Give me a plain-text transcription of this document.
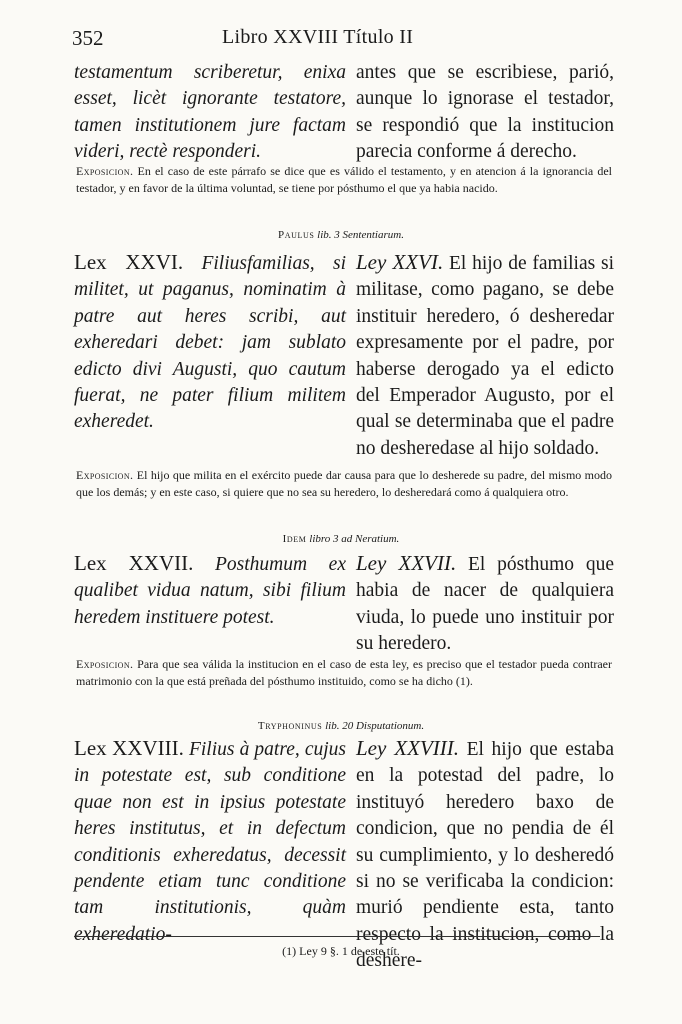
352	Libro XXVIII Título II

testamentum scriberetur, enixa esset, licèt ignorante testatore, tamen institutionem jure factam videri, rectè responderi.

antes que se escribiese, parió, aunque lo ignorase el testador, se respondió que la institucion parecia conforme á derecho.

Exposicion. En el caso de este párrafo se dice que es válido el testamento, y en atencion á la ignorancia del testador, y en favor de la última voluntad, se tiene por pósthumo el que ya habia nacido.
Paulus lib. 3 Sententiarum.

Lex XXVI. Filiusfamilias, si militet, ut paganus, nominatim à patre aut heres scribi, aut exheredari debet: jam sublato edicto divi Augusti, quo cautum fuerat, ne pater filium militem exheredet.

Ley XXVI. El hijo de familias si militase, como pagano, se debe instituir heredero, ó desheredar expresamente por el padre, por haberse derogado ya el edicto del Emperador Augusto, por el qual se determinaba que el padre no desheredase al hijo soldado.

Exposicion. El hijo que milita en el exército puede dar causa para que lo desherede su padre, del mismo modo que los demás; y en este caso, si quiere que no sea su heredero, lo desheredará como á qualquiera otro.
Idem libro 3 ad Neratium.

Lex XXVII. Posthumum ex qualibet vidua natum, sibi filium heredem instituere potest.

Ley XXVII. El pósthumo que habia de nacer de qualquiera viuda, lo puede uno instituir por su heredero.

Exposicion. Para que sea válida la institucion en el caso de esta ley, es preciso que el testador pueda contraer matrimonio con la que está preñada del pósthumo instituido, como se ha dicho (1).
Tryphoninus lib. 20 Disputationum.

Lex XXVIII. Filius à patre, cujus in potestate est, sub conditione quae non est in ipsius potestate heres institutus, et in defectum conditionis exheredatus, decessit pendente etiam tunc conditione tam institutionis, quàm exheredatio-

Ley XXVIII. El hijo que estaba en la potestad del padre, lo instituyó heredero baxo de condicion, que no pendia de él su cumplimiento, y lo desheredó si no se verificaba la condicion: murió pendiente esta, tanto respecto la institucion, como la deshere-

(1) Ley 9 §. 1 de este tít.
